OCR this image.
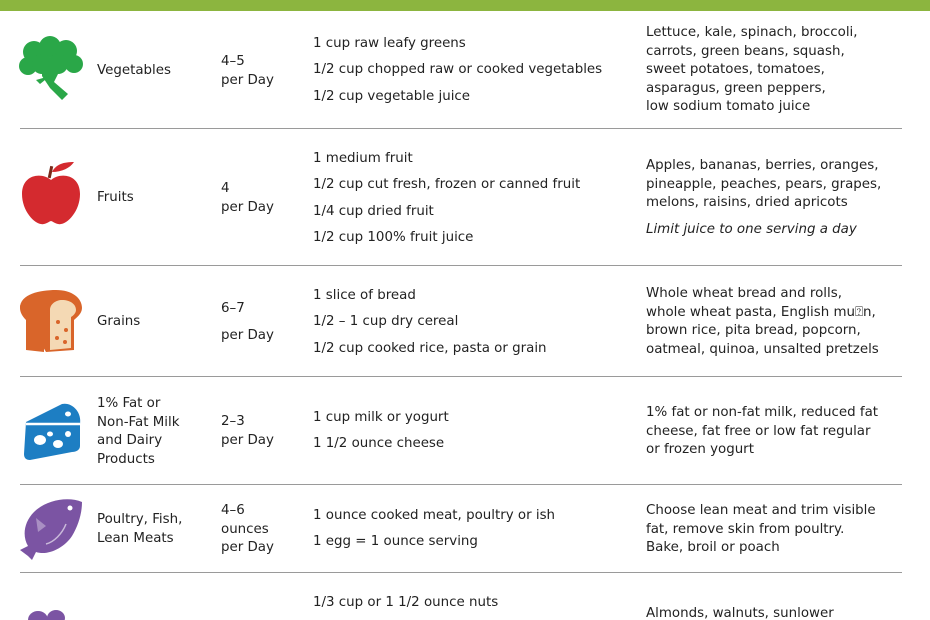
Vegetables
4–5
per Day
1 cup raw leafy greens
1/2 cup chopped raw or cooked vegetables
1/2 cup vegetable juice
Lettuce, kale, spinach, broccoli,
carrots, green beans, squash,
sweet potatoes, tomatoes,
asparagus, green peppers,
low sodium tomato juice
Fruits
4
per Day
1 medium fruit
1/2 cup cut fresh, frozen or canned fruit
1/4 cup dried fruit
1/2 cup 100% fruit juice
Apples, bananas, berries, oranges,
pineapple, peaches, pears, grapes,
melons, raisins, dried apricots
Limit juice to one serving a day
Grains
6–7
per Day
1 slice of bread
1/2 – 1 cup dry cereal
1/2 cup cooked rice, pasta or grain
Whole wheat bread and rolls,
whole wheat pasta, English mu⍰n,
brown rice, pita bread, popcorn,
oatmeal, quinoa, unsalted pretzels
1% Fat or
Non-Fat Milk
and Dairy
Products
2–3
per Day
1 cup milk or yogurt
1 1/2 ounce cheese
1% fat or non-fat milk, reduced fat
cheese, fat free or low fat regular
or frozen yogurt
Poultry, Fish,
Lean Meats
4–6
ounces
per Day
1 ounce cooked meat, poultry or ish
1 egg = 1 ounce serving
Choose lean meat and trim visible
fat, remove skin from poultry.
Bake, broil or poach
1/3 cup or 1 1/2 ounce nuts
Almonds, walnuts, sunlower
